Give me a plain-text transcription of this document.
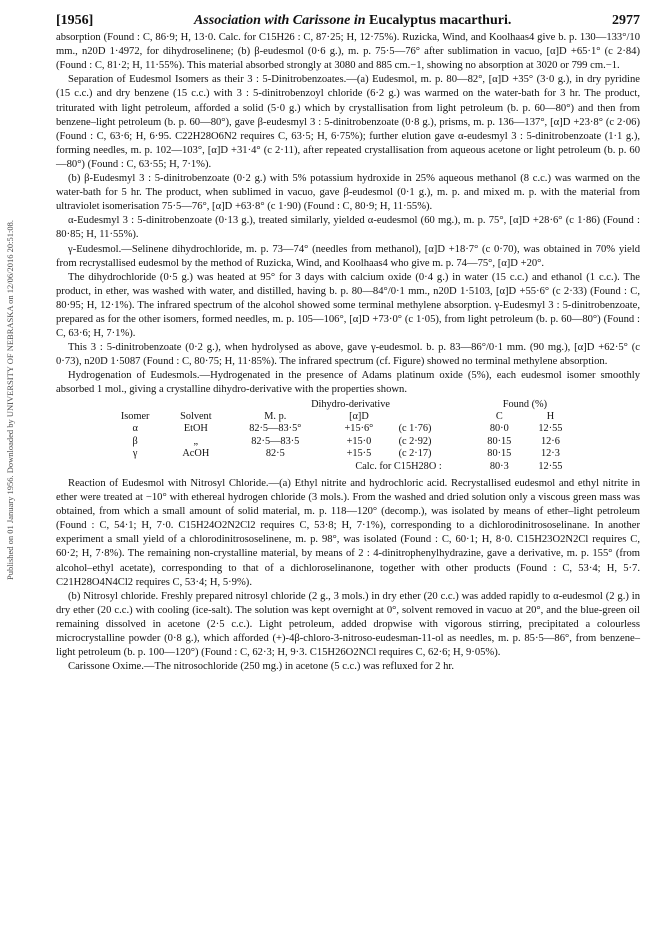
Published on 01 January 1956. Downloaded by UNIVERSITY OF NEBRASKA on 12/06/2016 20:51:08.
[1956]	Association with Carissone in Eucalyptus macarthuri.	2977

absorption (Found : C, 86·9; H, 13·0. Calc. for C15H26 : C, 87·25; H, 12·75%). Ruzicka, Wind, and Koolhaas4 give b. p. 130—133°/10 mm., n20D 1·4972, for dihydroselinene; (b) β-eudesmol (0·6 g.), m. p. 75·5—76° after sublimation in vacuo, [α]D +65·1° (c 2·84) (Found : C, 81·2; H, 11·55%). This material absorbed strongly at 3080 and 885 cm.−1, showing no absorption at 3020 or 799 cm.−1.

Separation of Eudesmol Isomers as their 3 : 5-Dinitrobenzoates.—(a) Eudesmol, m. p. 80—82°, [α]D +35° (3·0 g.), in dry pyridine (15 c.c.) and dry benzene (15 c.c.) with 3 : 5-dinitrobenzoyl chloride (6·2 g.) was warmed on the water-bath for 3 hr. The product, triturated with light petroleum, afforded a solid (5·0 g.) which by crystallisation from light petroleum (b. p. 60—80°) and then from benzene–light petroleum (b. p. 60—80°), gave β-eudesmyl 3 : 5-dinitrobenzoate (0·8 g.), prisms, m. p. 136—137°, [α]D +23·8° (c 2·06) (Found : C, 63·6; H, 6·95. C22H28O6N2 requires C, 63·5; H, 6·75%); further elution gave α-eudesmyl 3 : 5-dinitrobenzoate (1·1 g.), forming needles, m. p. 102—103°, [α]D +31·4° (c 2·11), after repeated crystallisation from aqueous acetone or light petroleum (b. p. 60—80°) (Found : C, 63·55; H, 7·1%).

(b) β-Eudesmyl 3 : 5-dinitrobenzoate (0·2 g.) with 5% potassium hydroxide in 25% aqueous methanol (8 c.c.) was warmed on the water-bath for 5 hr. The product, when sublimed in vacuo, gave β-eudesmol (0·1 g.), m. p. and mixed m. p. with the material from ultraviolet isomerisation 75·5—76°, [α]D +63·8° (c 1·90) (Found : C, 80·9; H, 11·55%).

α-Eudesmyl 3 : 5-dinitrobenzoate (0·13 g.), treated similarly, yielded α-eudesmol (60 mg.), m. p. 75°, [α]D +28·6° (c 1·86) (Found : 80·85; H, 11·55%).

γ-Eudesmol.—Selinene dihydrochloride, m. p. 73—74° (needles from methanol), [α]D +18·7° (c 0·70), was obtained in 70% yield from recrystallised eudesmol by the method of Ruzicka, Wind, and Koolhaas4 who give m. p. 74—75°, [α]D +20°.

The dihydrochloride (0·5 g.) was heated at 95° for 3 days with calcium oxide (0·4 g.) in water (15 c.c.) and ethanol (1 c.c.). The product, in ether, was washed with water, and distilled, having b. p. 80—84°/0·1 mm., n20D 1·5103, [α]D +55·6° (c 2·33) (Found : C, 80·95; H, 12·1%). The infrared spectrum of the alcohol showed some terminal methylene absorption. γ-Eudesmyl 3 : 5-dinitrobenzoate, prepared as for the other isomers, formed needles, m. p. 105—106°, [α]D +73·0° (c 1·05), from light petroleum (b. p. 60—80°) (Found : C, 63·6; H, 7·1%).

This 3 : 5-dinitrobenzoate (0·2 g.), when hydrolysed as above, gave γ-eudesmol. b. p. 83—86°/0·1 mm. (90 mg.), [α]D +62·5° (c 0·73), n20D 1·5087 (Found : C, 80·75; H, 11·85%). The infrared spectrum (cf. Figure) showed no terminal methylene absorption.

Hydrogenation of Eudesmols.—Hydrogenated in the presence of Adams platinum oxide (5%), each eudesmol isomer smoothly absorbed 1 mol., giving a crystalline dihydro-derivative with the properties shown.

		Dihydro-derivative			Found (%)	
Isomer	Solvent	M. p.	[α]D		C	H
α	EtOH	82·5—83·5°	+15·6°	(c 1·76)	80·0	12·55
β	„	82·5—83·5	+15·0	(c 2·92)	80·15	12·6
γ	AcOH	82·5	+15·5	(c 2·17)	80·15	12·3
			Calc. for C15H28O :		80·3	12·55

Reaction of Eudesmol with Nitrosyl Chloride.—(a) Ethyl nitrite and hydrochloric acid. Recrystallised eudesmol and ethyl nitrite in ether were treated at −10° with ethereal hydrogen chloride (3 mols.). From the washed and dried solution only a viscous green mass was obtained, from which a small amount of solid material, m. p. 118—120° (decomp.), was isolated by means of ether–light petroleum (Found : C, 54·1; H, 7·0. C15H24O2N2Cl2 requires C, 53·8; H, 7·1%), corresponding to a dichlorodinitrososelinane. In another experiment a small yield of a chlorodinitrososelinene, m. p. 98°, was isolated (Found : C, 60·1; H, 8·0. C15H23O2N2Cl requires C, 60·2; H, 7·8%). The remaining non-crystalline material, by means of 2 : 4-dinitrophenylhydrazine, gave a derivative, m. p. 155° (from alcohol–ethyl acetate), corresponding to that of a dichloroselinanone, together with other products (Found : C, 53·4; H, 5·7. C21H28O4N4Cl2 requires C, 53·4; H, 5·9%).

(b) Nitrosyl chloride. Freshly prepared nitrosyl chloride (2 g., 3 mols.) in dry ether (20 c.c.) was added rapidly to α-eudesmol (2 g.) in dry ether (20 c.c.) with cooling (ice-salt). The solution was kept overnight at 0°, solvent removed in vacuo at 20°, and the blue-green oil remaining dissolved in acetone (2·5 c.c.). Light petroleum, added dropwise with vigorous stirring, precipitated a colourless microcrystalline powder (0·8 g.), which afforded (+)-4β-chloro-3-nitroso-eudesman-11-ol as needles, m. p. 85·5—86°, from benzene–light petroleum (b. p. 100—120°) (Found : C, 62·3; H, 9·3. C15H26O2NCl requires C, 62·6; H, 9·05%).

Carissone Oxime.—The nitrosochloride (250 mg.) in acetone (5 c.c.) was refluxed for 2 hr.
